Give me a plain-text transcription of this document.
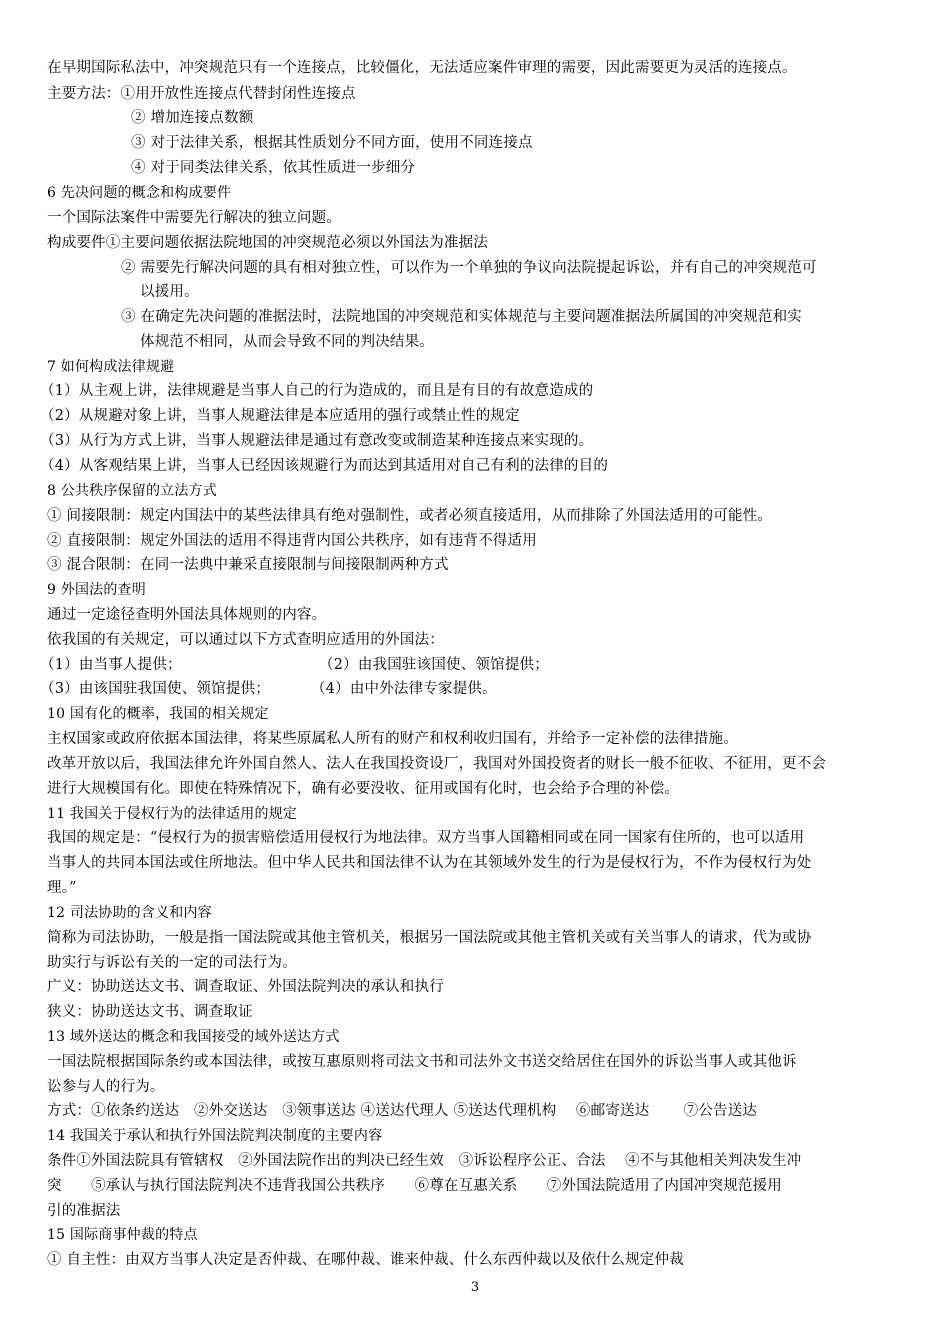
在早期国际私法中，冲突规范只有一个连接点，比较僵化，无法适应案件审理的需要，因此需要更为灵活的连接点。
主要方法：①用开放性连接点代替封闭性连接点
② 增加连接点数额
③ 对于法律关系，根据其性质划分不同方面，使用不同连接点
④ 对于同类法律关系，依其性质进一步细分
6 先决问题的概念和构成要件
一个国际法案件中需要先行解决的独立问题。
构成要件①主要问题依据法院地国的冲突规范必须以外国法为准据法
② 需要先行解决问题的具有相对独立性，可以作为一个单独的争议向法院提起诉讼，并有自己的冲突规范可
以援用。
③ 在确定先决问题的准据法时，法院地国的冲突规范和实体规范与主要问题准据法所属国的冲突规范和实
体规范不相同，从而会导致不同的判决结果。
7 如何构成法律规避
（1）从主观上讲，法律规避是当事人自己的行为造成的，而且是有目的有故意造成的
（2）从规避对象上讲，当事人规避法律是本应适用的强行或禁止性的规定
（3）从行为方式上讲，当事人规避法律是通过有意改变或制造某种连接点来实现的。
（4）从客观结果上讲，当事人已经因该规避行为而达到其适用对自己有利的法律的目的
8 公共秩序保留的立法方式
① 间接限制：规定内国法中的某些法律具有绝对强制性，或者必须直接适用，从而排除了外国法适用的可能性。
② 直接限制：规定外国法的适用不得违背内国公共秩序，如有违背不得适用
③ 混合限制：在同一法典中兼采直接限制与间接限制两种方式
9 外国法的查明
通过一定途径查明外国法具体规则的内容。
依我国的有关规定，可以通过以下方式查明应适用的外国法：
（1）由当事人提供；	（2）由我国驻该国使、领馆提供；
（3）由该国驻我国使、领馆提供；	（4）由中外法律专家提供。
10 国有化的概率，我国的相关规定
主权国家或政府依据本国法律，将某些原属私人所有的财产和权利收归国有，并给予一定补偿的法律措施。
改革开放以后，我国法律允许外国自然人、法人在我国投资设厂，我国对外国投资者的财长一般不征收、不征用，更不会
进行大规模国有化。即使在特殊情况下，确有必要没收、征用或国有化时，也会给予合理的补偿。
11 我国关于侵权行为的法律适用的规定
我国的规定是：“侵权行为的损害赔偿适用侵权行为地法律。双方当事人国籍相同或在同一国家有住所的，也可以适用
当事人的共同本国法或住所地法。但中华人民共和国法律不认为在其领域外发生的行为是侵权行为，不作为侵权行为处
理。”
12 司法协助的含义和内容
简称为司法协助，一般是指一国法院或其他主管机关，根据另一国法院或其他主管机关或有关当事人的请求，代为或协
助实行与诉讼有关的一定的司法行为。
广义：协助送达文书、调查取证、外国法院判决的承认和执行
狭义：协助送达文书、调查取证
13 域外送达的概念和我国接受的域外送达方式
一国法院根据国际条约或本国法律，或按互惠原则将司法文书和司法外文书送交给居住在国外的诉讼当事人或其他诉
讼参与人的行为。
方式：①依条约送达　②外交送达　③领事送达 ④送达代理人 ⑤送达代理机构　 ⑥邮寄送达　　 ⑦公告送达
14 我国关于承认和执行外国法院判决制度的主要内容
条件①外国法院具有管辖权　②外国法院作出的判决已经生效　③诉讼程序公正、合法　 ④不与其他相关判决发生冲
突　　⑤承认与执行国法院判决不违背我国公共秩序　　⑥尊在互惠关系　　⑦外国法院适用了内国冲突规范援用
引的准据法
15 国际商事仲裁的特点
① 自主性：由双方当事人决定是否仲裁、在哪仲裁、谁来仲裁、什么东西仲裁以及依什么规定仲裁
3
